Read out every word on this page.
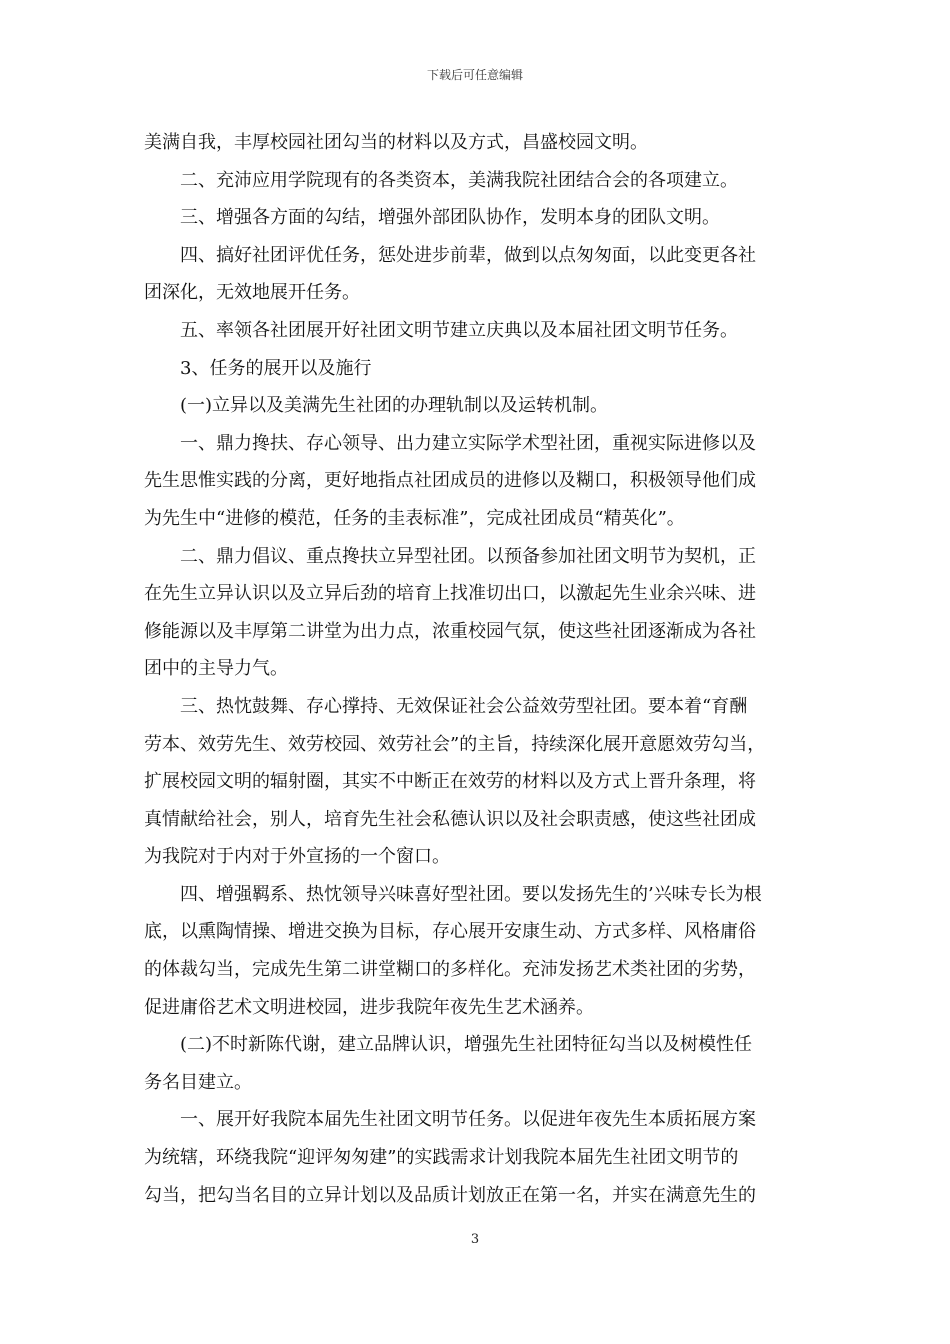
下载后可任意编辑
美满自我，丰厚校园社团勾当的材料以及方式，昌盛校园文明。
二、充沛应用学院现有的各类资本，美满我院社团结合会的各项建立。
三、增强各方面的勾结，增强外部团队协作，发明本身的团队文明。
四、搞好社团评优任务，惩处进步前辈，做到以点匆匆面，以此变更各社
团深化，无效地展开任务。
五、率领各社团展开好社团文明节建立庆典以及本届社团文明节任务。
3、任务的展开以及施行
(一)立异以及美满先生社团的办理轨制以及运转机制。
一、鼎力搀扶、存心领导、出力建立实际学术型社团，重视实际进修以及
先生思惟实践的分离，更好地指点社团成员的进修以及糊口，积极领导他们成
为先生中“进修的模范，任务的圭表标准”，完成社团成员“精英化”。
二、鼎力倡议、重点搀扶立异型社团。以预备参加社团文明节为契机，正
在先生立异认识以及立异后劲的培育上找准切出口，以激起先生业余兴味、进
修能源以及丰厚第二讲堂为出力点，浓重校园气氛，使这些社团逐渐成为各社
团中的主导力气。
三、热忱鼓舞、存心撑持、无效保证社会公益效劳型社团。要本着“育酬
劳本、效劳先生、效劳校园、效劳社会”的主旨，持续深化展开意愿效劳勾当，
扩展校园文明的辐射圈，其实不中断正在效劳的材料以及方式上晋升条理，将
真情献给社会，别人，培育先生社会私德认识以及社会职责感，使这些社团成
为我院对于内对于外宣扬的一个窗口。
四、增强羁系、热忱领导兴味喜好型社团。要以发扬先生的’兴味专长为根
底，以熏陶情操、增进交换为目标，存心展开安康生动、方式多样、风格庸俗
的体裁勾当，完成先生第二讲堂糊口的多样化。充沛发扬艺术类社团的劣势，
促进庸俗艺术文明进校园，进步我院年夜先生艺术涵养。
(二)不时新陈代谢，建立品牌认识，增强先生社团特征勾当以及树模性任
务名目建立。
一、展开好我院本届先生社团文明节任务。以促进年夜先生本质拓展方案
为统辖，环绕我院“迎评匆匆建”的实践需求计划我院本届先生社团文明节的
勾当，把勾当名目的立异计划以及品质计划放正在第一名，并实在满意先生的
3
